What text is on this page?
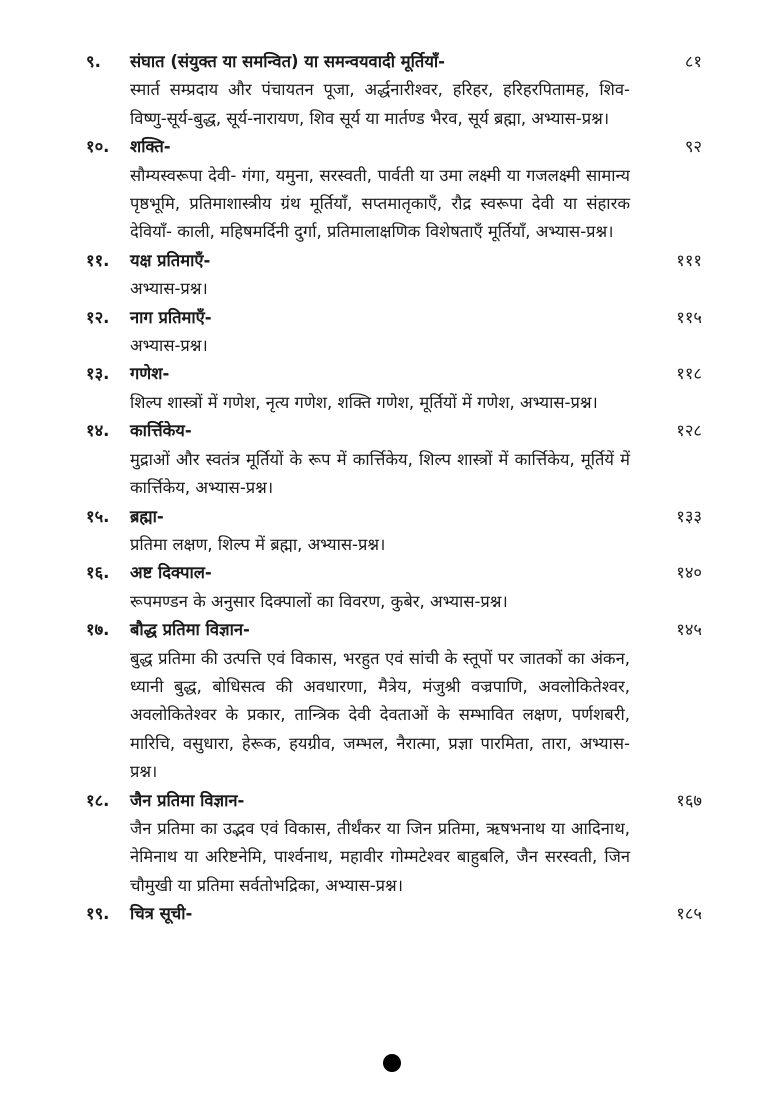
९.	संघात (संयुक्त या समन्वित) या समन्वयवादी मूर्तियाँ-	८१
स्मार्त सम्प्रदाय और पंचायतन पूजा, अर्द्धनारीश्वर, हरिहर, हरिहरपितामह, शिव-विष्णु-सूर्य-बुद्ध, सूर्य-नारायण, शिव सूर्य या मार्तण्ड भैरव, सूर्य ब्रह्मा, अभ्यास-प्रश्न।
१०.	शक्ति-	९२
सौम्यस्वरूपा देवी- गंगा, यमुना, सरस्वती, पार्वती या उमा लक्ष्मी या गजलक्ष्मी सामान्य पृष्ठभूमि, प्रतिमाशास्त्रीय ग्रंथ मूर्तियाँ, सप्तमातृकाएँ, रौद्र स्वरूपा देवी या संहारक देवियाँ- काली, महिषमर्दिनी दुर्गा, प्रतिमालाक्षणिक विशेषताएँ मूर्तियाँ, अभ्यास-प्रश्न।
११.	यक्ष प्रतिमाएँ-	१११
अभ्यास-प्रश्न।
१२.	नाग प्रतिमाएँ-	११५
अभ्यास-प्रश्न।
१३.	गणेश-	११८
शिल्प शास्त्रों में गणेश, नृत्य गणेश, शक्ति गणेश, मूर्तियों में गणेश, अभ्यास-प्रश्न।
१४.	कार्त्तिकेय-	१२८
मुद्राओं और स्वतंत्र मूर्तियों के रूप में कार्त्तिकेय, शिल्प शास्त्रों में कार्त्तिकेय, मूर्तियें में कार्त्तिकेय, अभ्यास-प्रश्न।
१५.	ब्रह्मा-	१३३
प्रतिमा लक्षण, शिल्प में ब्रह्मा, अभ्यास-प्रश्न।
१६.	अष्ट दिक्पाल-	१४०
रूपमण्डन के अनुसार दिक्पालों का विवरण, कुबेर, अभ्यास-प्रश्न।
१७.	बौद्ध प्रतिमा विज्ञान-	१४५
बुद्ध प्रतिमा की उत्पत्ति एवं विकास, भरहुत एवं सांची के स्तूपों पर जातकों का अंकन, ध्यानी बुद्ध, बोधिसत्व की अवधारणा, मैत्रेय, मंजुश्री वज्रपाणि, अवलोकितेश्वर, अवलोकितेश्वर के प्रकार, तान्त्रिक देवी देवताओं के सम्भावित लक्षण, पर्णशबरी, मारिचि, वसुधारा, हेरूक, हयग्रीव, जम्भल, नैरात्मा, प्रज्ञा पारमिता, तारा, अभ्यास-प्रश्न।
१८.	जैन प्रतिमा विज्ञान-	१६७
जैन प्रतिमा का उद्भव एवं विकास, तीर्थंकर या जिन प्रतिमा, ऋषभनाथ या आदिनाथ, नेमिनाथ या अरिष्टनेमि, पार्श्वनाथ, महावीर गोम्मटेश्वर बाहुबलि, जैन सरस्वती, जिन चौमुखी या प्रतिमा सर्वतोभद्रिका, अभ्यास-प्रश्न।
१९.	चित्र सूची-	१८५
